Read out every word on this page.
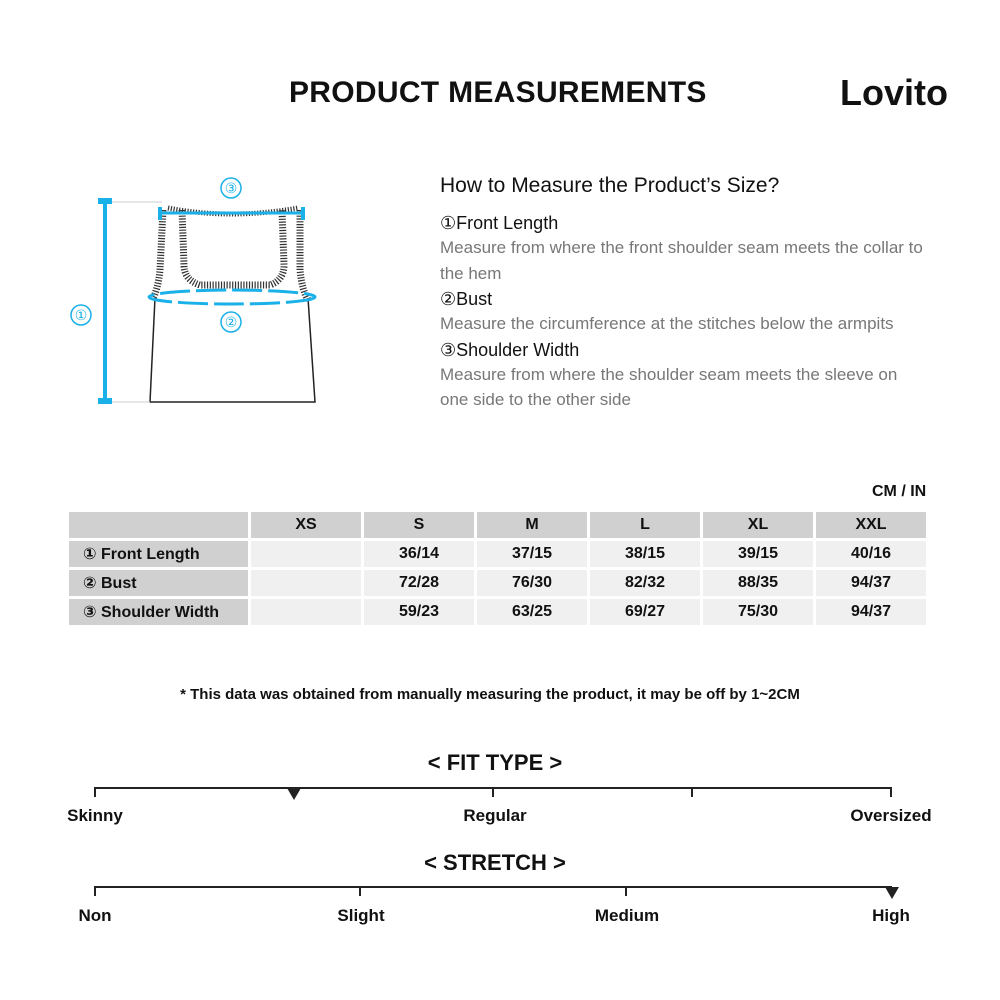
PRODUCT MEASUREMENTS	Lovito
③
②
①
How to Measure the Product’s Size?
①Front Length
Measure from where the front shoulder seam meets the collar to the hem
②Bust
Measure the circumference at the stitches below the armpits
③Shoulder Width
Measure from where the shoulder seam meets the sleeve on one side to the other side
CM / IN
	XS	S	M	L	XL	XXL
① Front Length		36/14	37/15	38/15	39/15	40/16
② Bust		72/28	76/30	82/32	88/35	94/37
③ Shoulder Width		59/23	63/25	69/27	75/30	94/37
* This data was obtained from manually measuring the product, it may be off by 1~2CM
< FIT TYPE >
Skinny	Regular	Oversized
< STRETCH >
Non	Slight	Medium	High
